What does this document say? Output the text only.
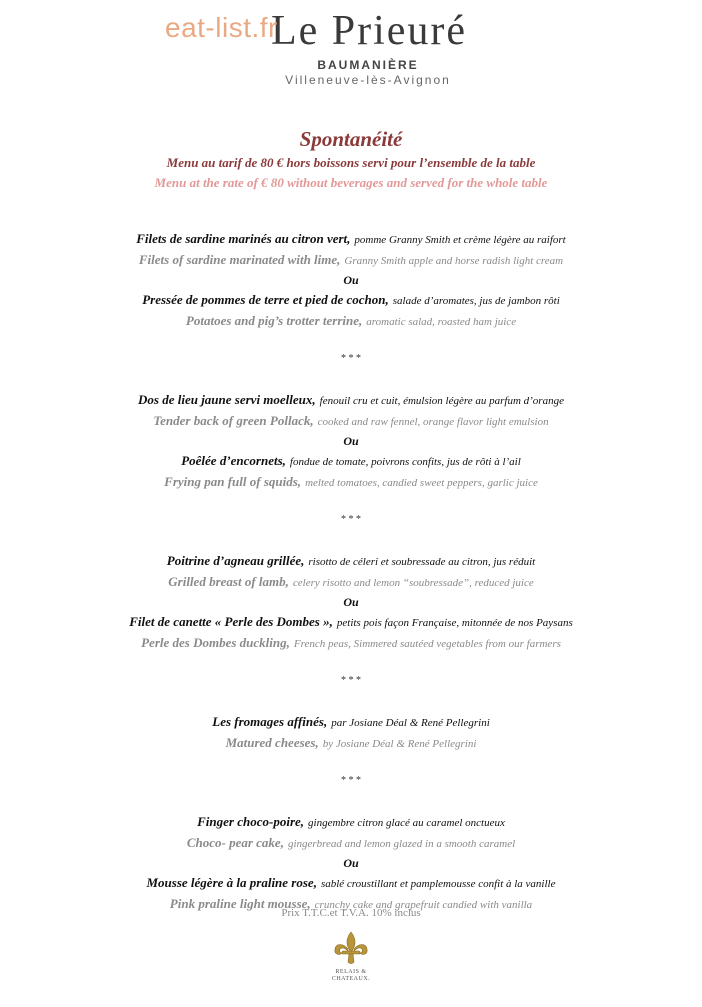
eat-list.fr
Le Prieuré
BAUMANIÈRE
Villeneuve-lès-Avignon
Spontanéité
Menu au tarif de 80 € hors boissons servi pour l’ensemble de la table
Menu at the rate of € 80 without beverages and served for the whole table
Filets de sardine marinés au citron vert, pomme Granny Smith et crème légère au raifort
Filets of sardine marinated with lime, Granny Smith apple and horse radish light cream
Ou
Pressée de pommes de terre et pied de cochon, salade d’aromates, jus de jambon rôti
Potatoes and pig’s trotter terrine, aromatic salad, roasted ham juice
* * *
Dos de lieu jaune servi moelleux, fenouil cru et cuit, émulsion légère au parfum d’orange
Tender back of green Pollack, cooked and raw fennel, orange flavor light emulsion
Ou
Poêlée d’encornets, fondue de tomate, poivrons confits, jus de rôti à l’ail
Frying pan full of squids, melted tomatoes, candied sweet peppers, garlic juice
* * *
Poitrine d’agneau grillée, risotto de céleri et soubressade au citron, jus réduit
Grilled breast of lamb, celery risotto and lemon “soubressade”, reduced juice
Ou
Filet de canette « Perle des Dombes », petits pois façon Française, mitonnée de nos Paysans
Perle des Dombes duckling, French peas, Simmered sautéed vegetables from our farmers
* * *
Les fromages affinés, par Josiane Déal & René Pellegrini
Matured cheeses, by Josiane Déal & René Pellegrini
* * *
Finger choco-poire, gingembre citron glacé au caramel onctueux
Choco- pear cake, gingerbread and lemon glazed in a smooth caramel
Ou
Mousse légère à la praline rose, sablé croustillant et pamplemousse confit à la vanille
Pink praline light mousse, crunchy cake and grapefruit candied with vanilla
Prix T.T.C.et T.V.A. 10% inclus
RELAIS &
CHATEAUX.
